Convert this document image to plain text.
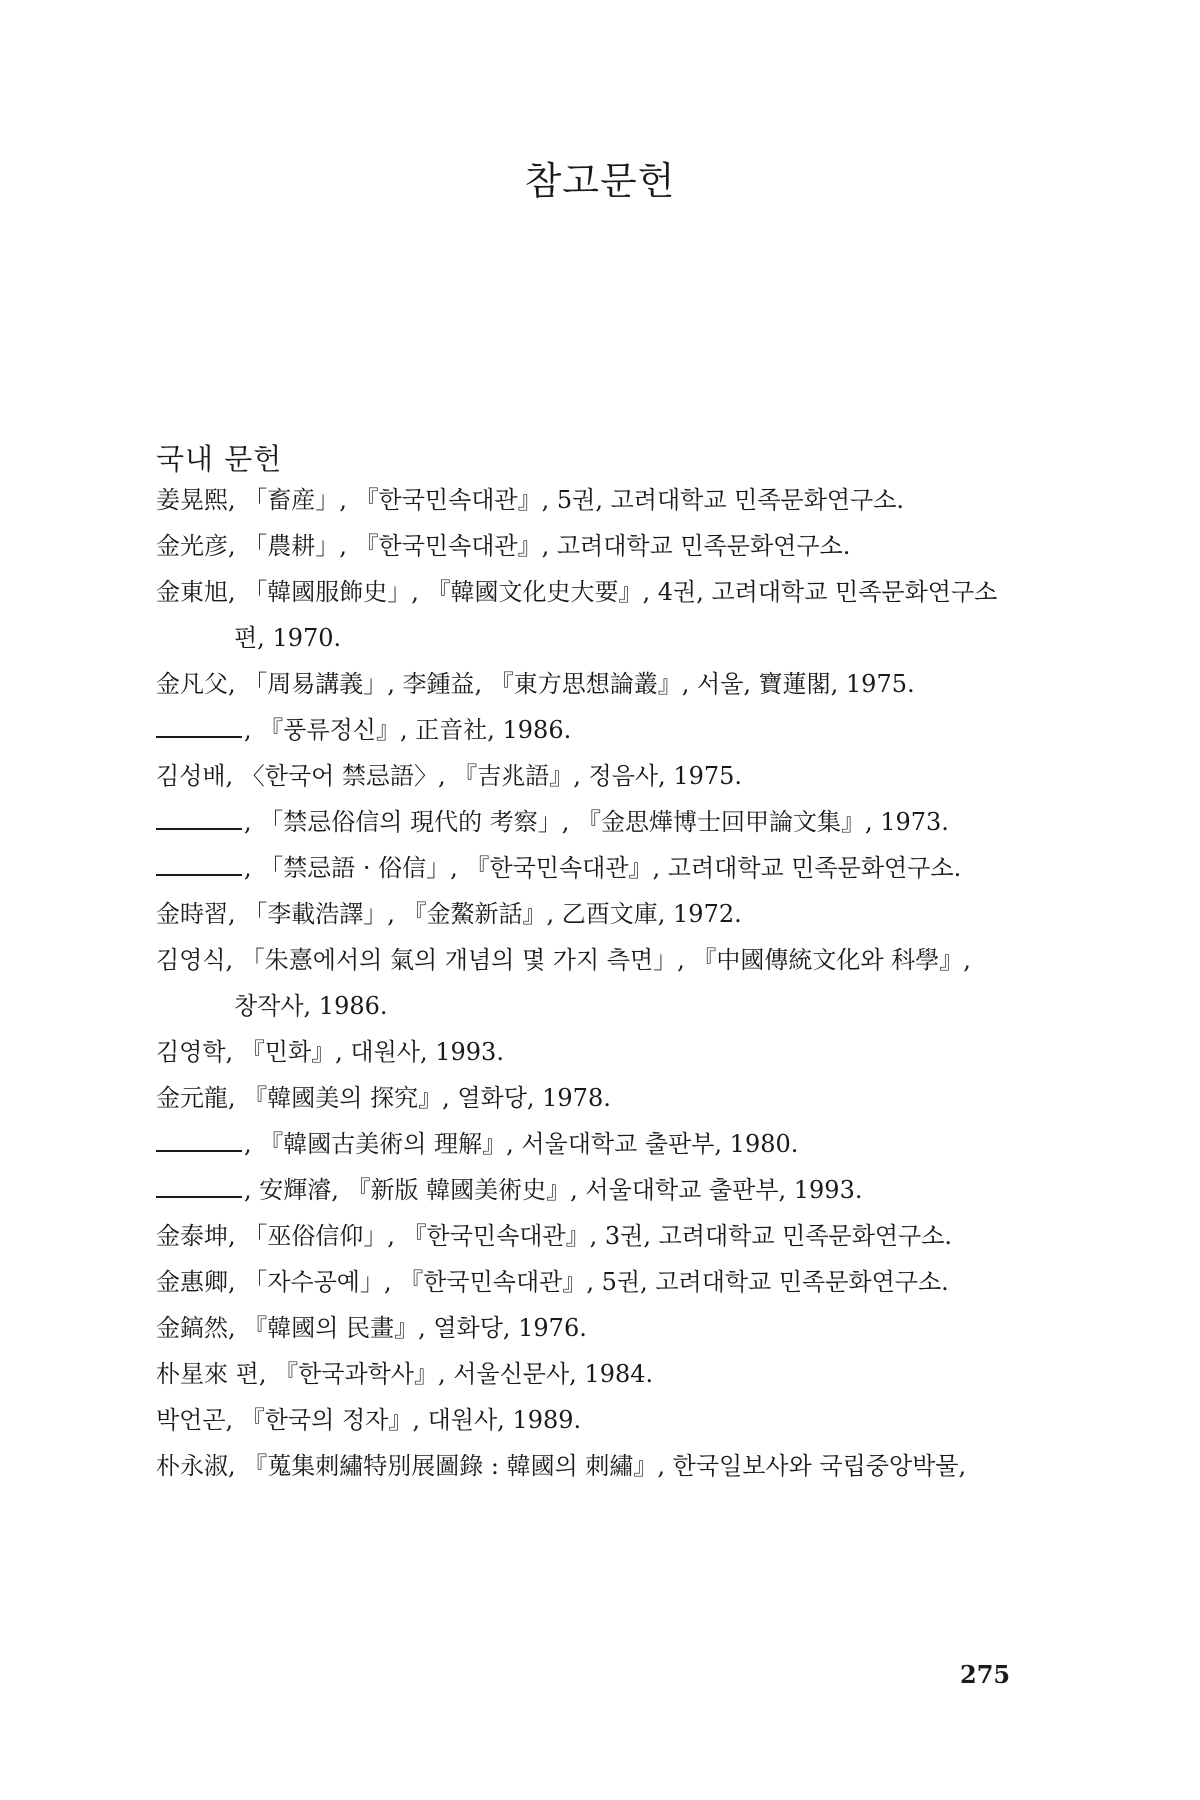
참고문헌
국내 문헌
姜晃熙, 「畜産」, 『한국민속대관』, 5권, 고려대학교 민족문화연구소.
金光彦, 「農耕」, 『한국민속대관』, 고려대학교 민족문화연구소.
金東旭, 「韓國服飾史」, 『韓國文化史大要』, 4권, 고려대학교 민족문화연구소
편, 1970.
金凡父, 「周易講義」, 李鍾益, 『東方思想論叢』, 서울, 寶蓮閣, 1975.
, 『풍류정신』, 正音社, 1986.
김성배, 〈한국어 禁忌語〉, 『吉兆語』, 정음사, 1975.
, 「禁忌俗信의 現代的 考察」, 『金思燁博士回甲論文集』, 1973.
, 「禁忌語 · 俗信」, 『한국민속대관』, 고려대학교 민족문화연구소.
金時習, 「李載浩譯」, 『金鰲新話』, 乙酉文庫, 1972.
김영식, 「朱憙에서의 氣의 개념의 몇 가지 측면」, 『中國傳統文化와 科學』,
창작사, 1986.
김영학, 『민화』, 대원사, 1993.
金元龍, 『韓國美의 探究』, 열화당, 1978.
, 『韓國古美術의 理解』, 서울대학교 출판부, 1980.
, 安輝濬, 『新版 韓國美術史』, 서울대학교 출판부, 1993.
金泰坤, 「巫俗信仰」, 『한국민속대관』, 3권, 고려대학교 민족문화연구소.
金惠卿, 「자수공예」, 『한국민속대관』, 5권, 고려대학교 민족문화연구소.
金鎬然, 『韓國의 民畫』, 열화당, 1976.
朴星來 편, 『한국과학사』, 서울신문사, 1984.
박언곤, 『한국의 정자』, 대원사, 1989.
朴永淑, 『蒐集刺繡特別展圖錄 : 韓國의 刺繡』, 한국일보사와 국립중앙박물,
275
